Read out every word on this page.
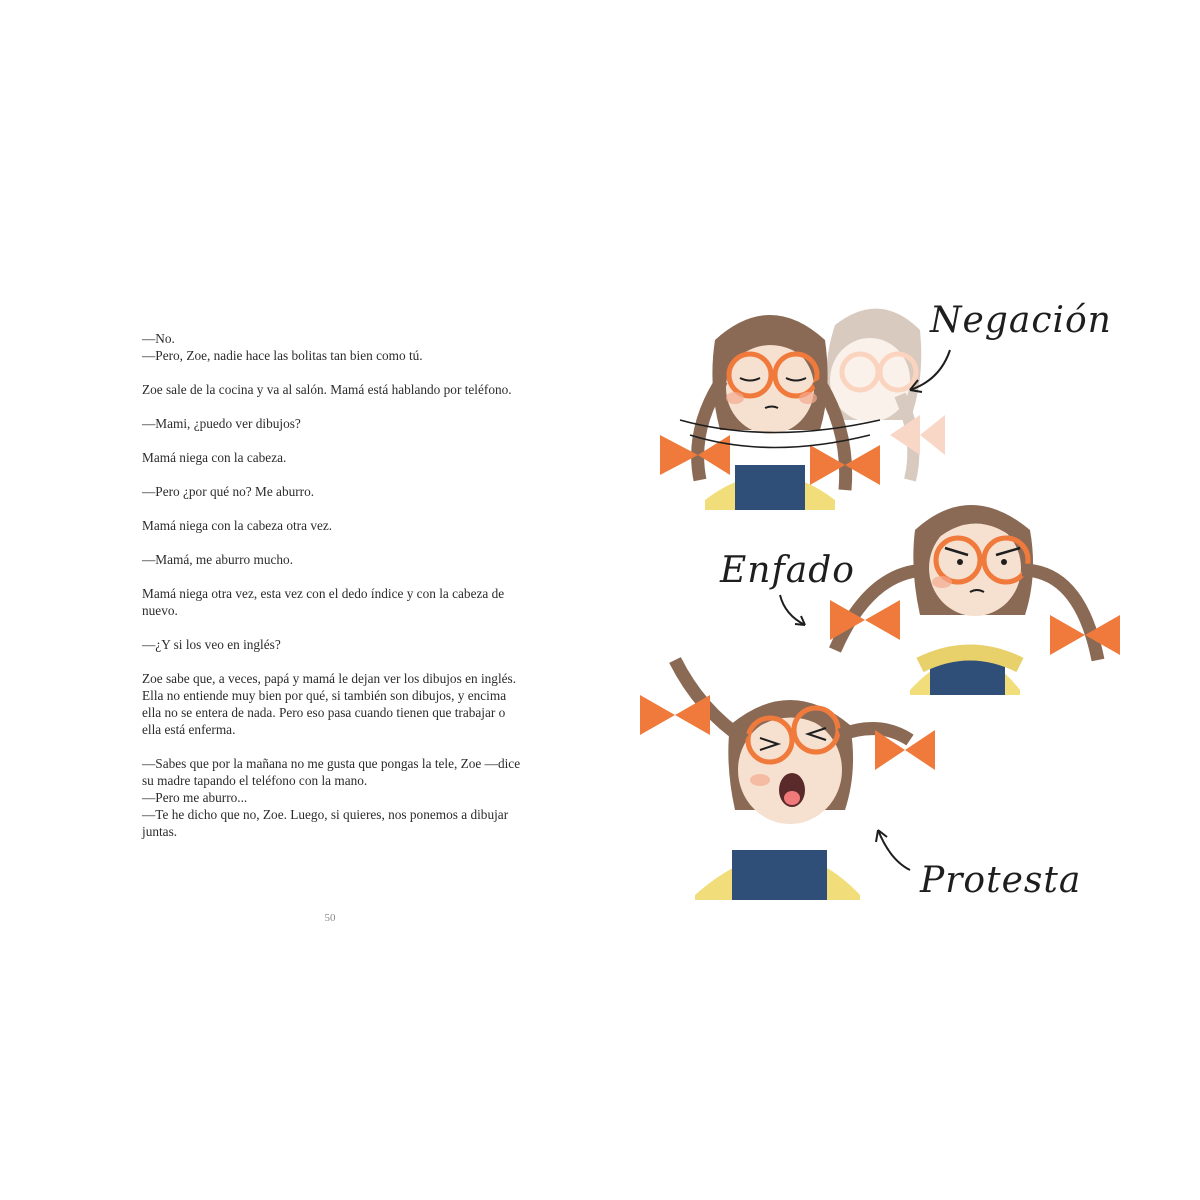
—No.

—Pero, Zoe, nadie hace las bolitas tan bien como tú.

Zoe sale de la cocina y va al salón. Mamá está hablando por teléfono.

—Mami, ¿puedo ver dibujos?

Mamá niega con la cabeza.

—Pero ¿por qué no? Me aburro.

Mamá niega con la cabeza otra vez.

—Mamá, me aburro mucho.

Mamá niega otra vez, esta vez con el dedo índice y con la cabeza de nuevo.

—¿Y si los veo en inglés?

Zoe sabe que, a veces, papá y mamá le dejan ver los dibujos en inglés. Ella no entiende muy bien por qué, si también son dibujos, y encima ella no se entera de nada. Pero eso pasa cuando tienen que trabajar o ella está enferma.

—Sabes que por la mañana no me gusta que pongas la tele, Zoe —dice su madre tapando el teléfono con la mano.

—Pero me aburro...

—Te he dicho que no, Zoe. Luego, si quieres, nos ponemos a dibujar juntas.

50
Negación
Enfado
Protesta
